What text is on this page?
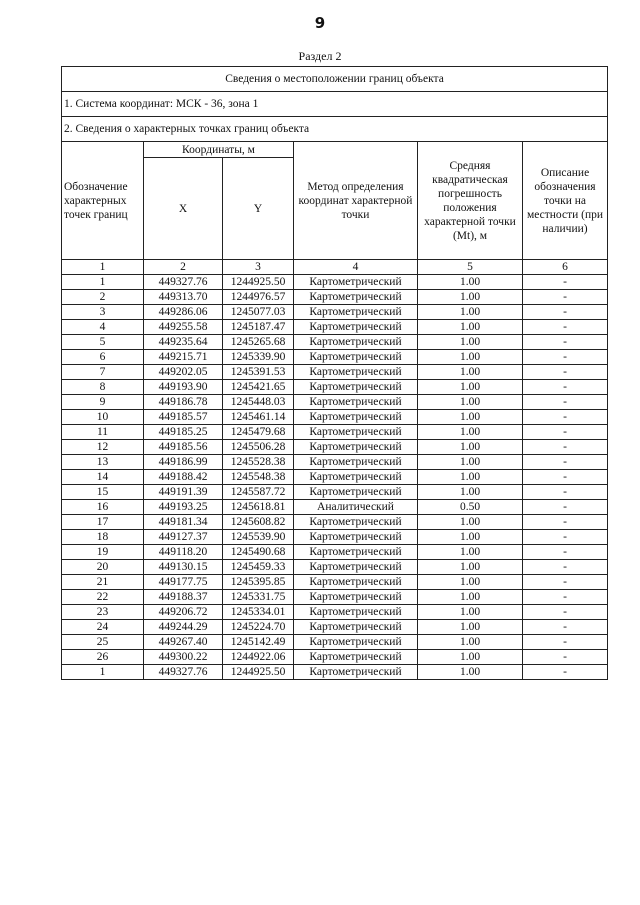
9
Раздел 2
Сведения о местоположении границ объекта					
1. Система координат: МСК - 36, зона 1					
2. Сведения о характерных точках границ объекта					
Обозначение характерных точек границ	Координаты, м		Метод определения координат характерной точки	Средняя квадратическая погрешность положения характерной точки (Mt), м	Описание обозначения точки на местности (при наличии)
	X	Y			
1	2	3	4	5	6
1	449327.76	1244925.50	Картометрический	1.00	-
2	449313.70	1244976.57	Картометрический	1.00	-
3	449286.06	1245077.03	Картометрический	1.00	-
4	449255.58	1245187.47	Картометрический	1.00	-
5	449235.64	1245265.68	Картометрический	1.00	-
6	449215.71	1245339.90	Картометрический	1.00	-
7	449202.05	1245391.53	Картометрический	1.00	-
8	449193.90	1245421.65	Картометрический	1.00	-
9	449186.78	1245448.03	Картометрический	1.00	-
10	449185.57	1245461.14	Картометрический	1.00	-
11	449185.25	1245479.68	Картометрический	1.00	-
12	449185.56	1245506.28	Картометрический	1.00	-
13	449186.99	1245528.38	Картометрический	1.00	-
14	449188.42	1245548.38	Картометрический	1.00	-
15	449191.39	1245587.72	Картометрический	1.00	-
16	449193.25	1245618.81	Аналитический	0.50	-
17	449181.34	1245608.82	Картометрический	1.00	-
18	449127.37	1245539.90	Картометрический	1.00	-
19	449118.20	1245490.68	Картометрический	1.00	-
20	449130.15	1245459.33	Картометрический	1.00	-
21	449177.75	1245395.85	Картометрический	1.00	-
22	449188.37	1245331.75	Картометрический	1.00	-
23	449206.72	1245334.01	Картометрический	1.00	-
24	449244.29	1245224.70	Картометрический	1.00	-
25	449267.40	1245142.49	Картометрический	1.00	-
26	449300.22	1244922.06	Картометрический	1.00	-
1	449327.76	1244925.50	Картометрический	1.00	-
